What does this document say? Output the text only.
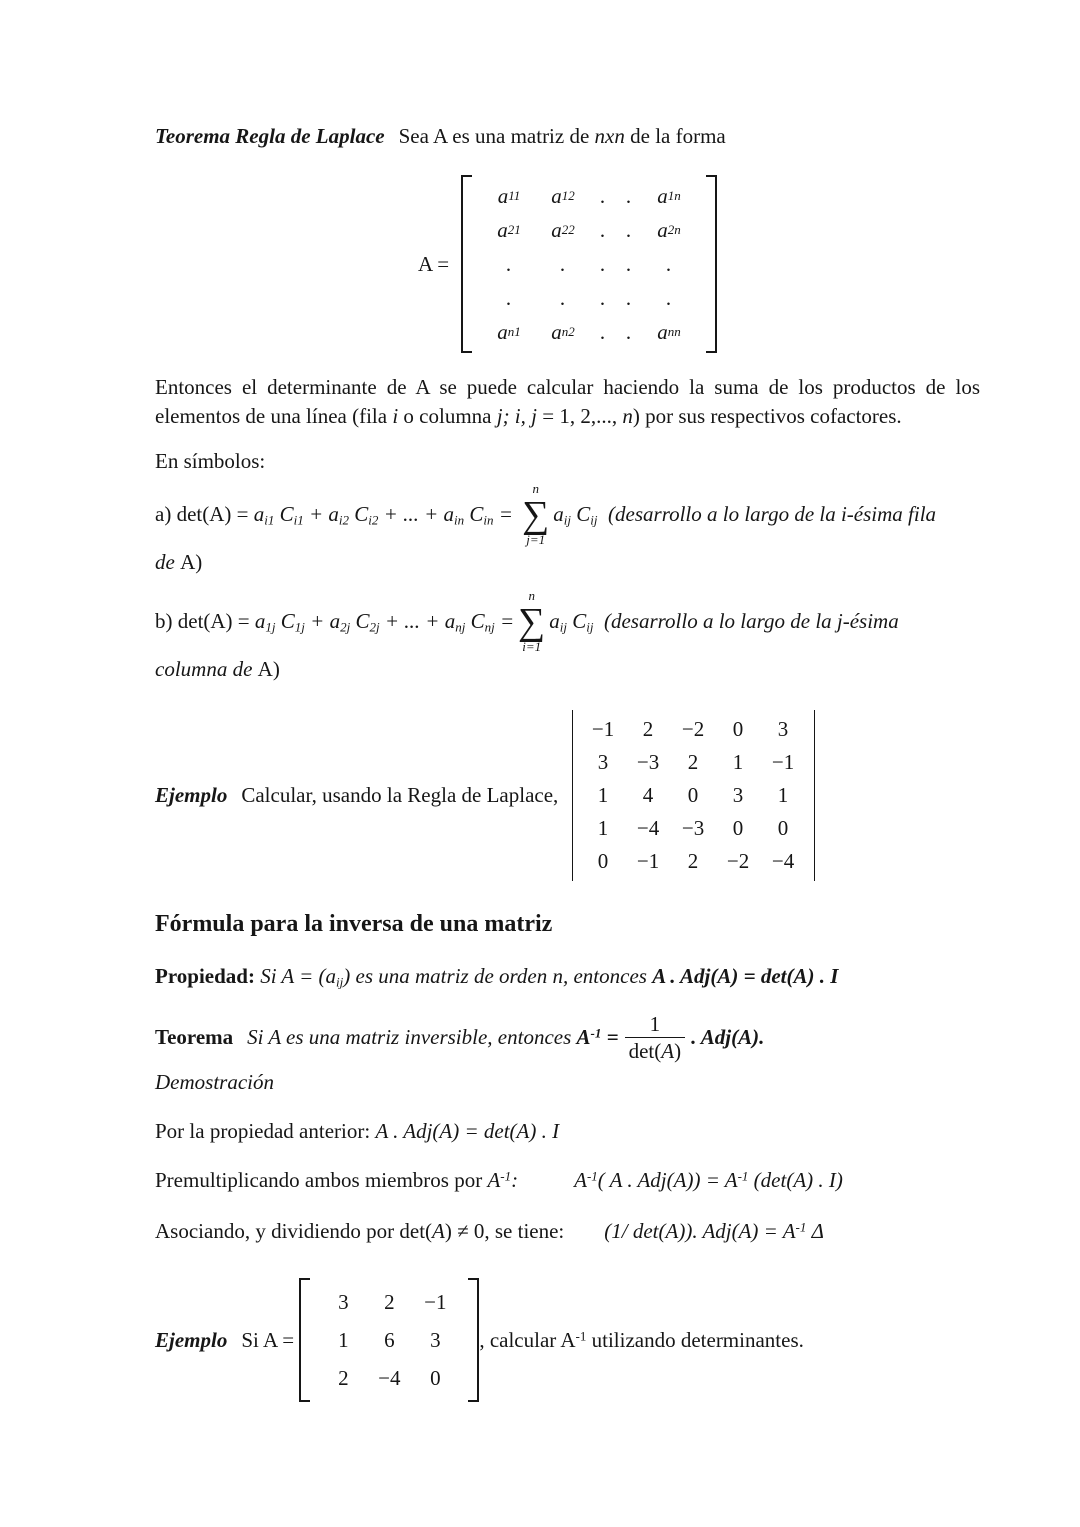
Teorema Regla de Laplace Sea A es una matriz de nxn de la forma

A =
a 11	a 12	. .	a 1n
a 21	a 22	. .	a 2n
.	.	. .	.
.	.	. .	.
a n1	a n2	. .	a nn

Entonces el determinante de A se puede calcular haciendo la suma de los productos de los elementos de una línea (fila i o columna j; i, j = 1, 2,..., n) por sus respectivos cofactores.

En símbolos:

a) $\det(A) = a_{i1}$ $C_{i1} + a_{i2}$ $C_{i2}$ + ... + $a_{in}$ $C_{in}$ =
n
∑
j=1
$a_{ij}$ $C_{ij}$  (desarrollo a lo largo de la i-ésima fila

de A)

b) $\det(A) = a_{1j}$ $C_{1j} + a_{2j}$ $C_{2j}$ + ... + $a_{nj}$ $C_{nj}$ =
n
∑
i=1
$a_{ij}$ $C_{ij}$  (desarrollo a lo largo de la j-ésima

columna de A)

Ejemplo Calcular, usando la Regla de Laplace,
−1	2	−2	0	3
3	−3	2	1	−1
1	4	0	3	1
1	−4	−3	0	0
0	−1	2	−2	−4
Fórmula para la inversa de una matriz

Propiedad: Si $A = (a_{ij})$ es una matriz de orden n, entonces A . Adj(A) = det(A) . I

Teorema Si A es una matriz inversible, entonces $A^{-1} = \frac{1}{\det(A)}$ . Adj(A).

Demostración

Por la propiedad anterior: A . Adj(A) = det(A) . I

Premultiplicando ambos miembros por $A^{-1}$:	$A^{-1}$( A . $Adj(A)) = A^{-1}$ (det(A) . I)

Asociando, y dividiendo por det(A) ≠ 0, se tiene: (1/ det(A)). $Adj(A) = A^{-1}$ Δ

Ejemplo Si A =
3	2	−1
1	6	3
2	−4	0
, calcular $A^{-1}$ utilizando determinantes.
